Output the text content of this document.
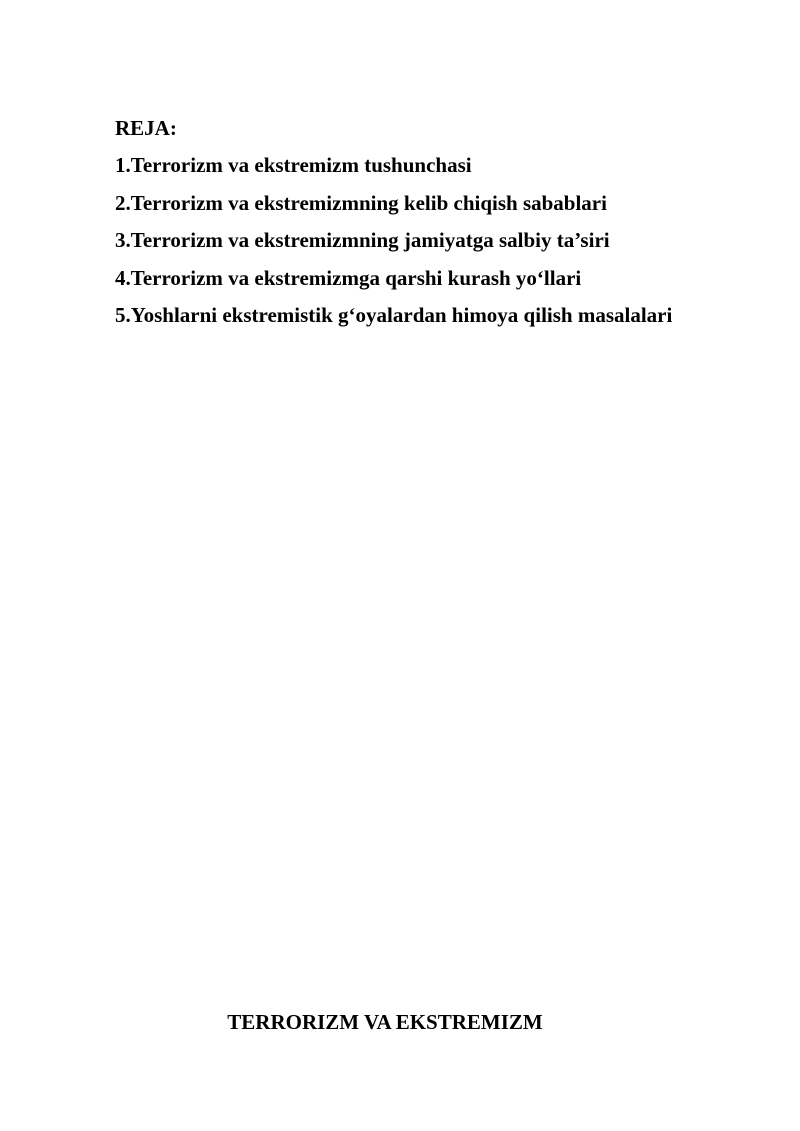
REJA:

1.Terrorizm va ekstremizm tushunchasi
2.Terrorizm va ekstremizmning kelib chiqish sabablari
3.Terrorizm va ekstremizmning jamiyatga salbiy ta’siri
4.Terrorizm va ekstremizmga qarshi kurash yo‘llari
5.Yoshlarni ekstremistik g‘oyalardan himoya qilish masalalari
TERRORIZM VA EKSTREMIZM
